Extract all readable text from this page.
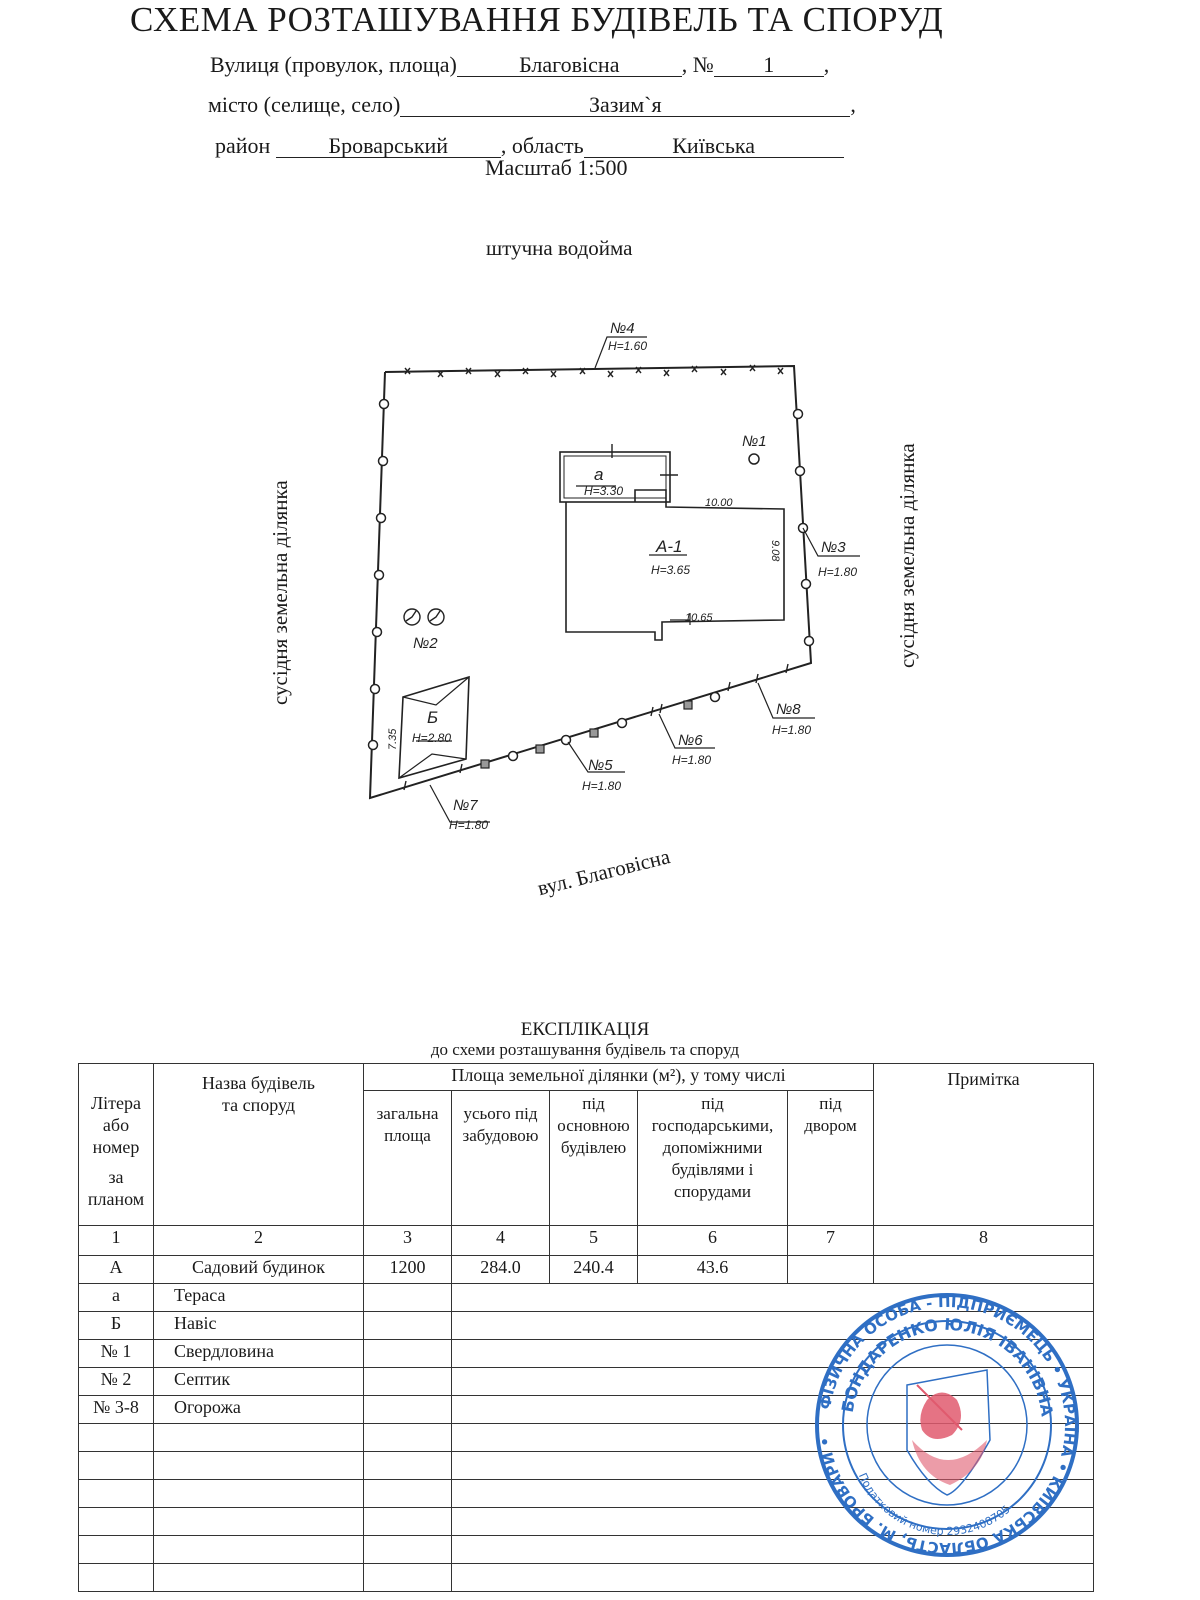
СХЕМА РОЗТАШУВАННЯ БУДІВЕЛЬ ТА СПОРУД
Вулиця (провулок, площа)	Благовісна	, № 1 ,
місто (селище, село)	Зазим`я	,
район	Броварський , область	Київська
Масштаб 1:500
штучна водойма
сусідня земельна ділянка	сусідня земельна ділянка
вул. Благовісна
№4
H=1.60
№1
а
H=3.30
10.00
А-1
H=3.65
9.08	№3
H=1.80
10.65
№2
Б
H=2.80
7.35
№8
H=1.80
№6
H=1.80
№5
H=1.80
№7
H=1.80
ЕКСПЛІКАЦІЯ
до схеми розташування будівель та споруд
Літера
або
номер
за
планом

Назва будівель
та споруд
	Площа земельної ділянки (м²), у тому числі	Примітка

загальна
площа

усього під
забудовою

під
основною
будівлею

під
господарськими,
допоміжними
будівлями і
спорудами

під
двором

1	2	3	4	5	6	7	8
А	Садовий будинок	1200	284.0	240.4	43.6		
а	Тераса						
Б	Навіс						
№ 1	Свердловина						
№ 2	Септик						
№ 3-8	Огорожа						

				ФІЗИЧНА ОСОБА - ПІДПРИЄМЕЦЬ • УКРАЇНА • КИЇВСЬКА ОБЛАСТЬ, М. БРОВАРИ •
БОНДАРЕНКО ЮЛІЯ ІВАНІВНА
Податковий номер 2932408705
